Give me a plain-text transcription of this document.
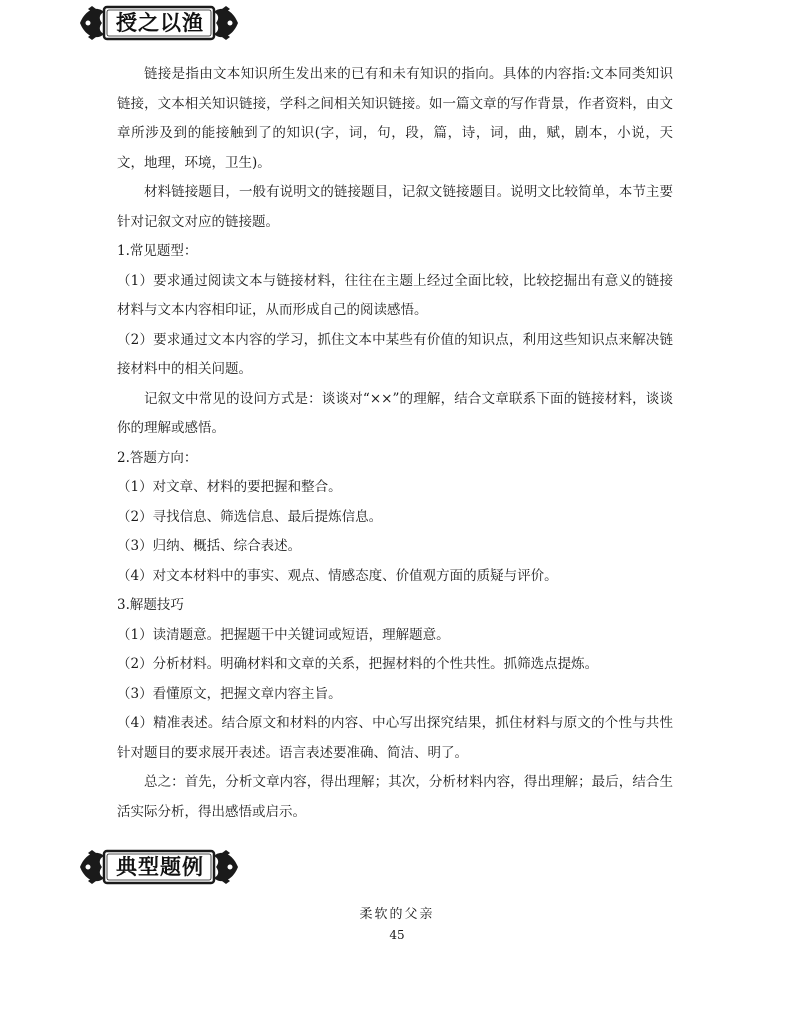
授之以渔

链接是指由文本知识所生发出来的已有和未有知识的指向。具体的内容指:文本同类知识链接，文本相关知识链接，学科之间相关知识链接。如一篇文章的写作背景，作者资料，由文章所涉及到的能接触到了的知识(字，词，句，段，篇，诗，词，曲，赋，剧本，小说，天文，地理，环境，卫生)。

材料链接题目，一般有说明文的链接题目，记叙文链接题目。说明文比较简单，本节主要针对记叙文对应的链接题。

1.常见题型：

（1）要求通过阅读文本与链接材料，往往在主题上经过全面比较，比较挖掘出有意义的链接材料与文本内容相印证，从而形成自己的阅读感悟。

（2）要求通过文本内容的学习，抓住文本中某些有价值的知识点，利用这些知识点来解决链接材料中的相关问题。

记叙文中常见的设问方式是：谈谈对“××”的理解，结合文章联系下面的链接材料，谈谈你的理解或感悟。

2.答题方向：

（1）对文章、材料的要把握和整合。

（2）寻找信息、筛选信息、最后提炼信息。

（3）归纳、概括、综合表述。

（4）对文本材料中的事实、观点、情感态度、价值观方面的质疑与评价。

3.解题技巧

（1）读清题意。把握题干中关键词或短语，理解题意。

（2）分析材料。明确材料和文章的关系，把握材料的个性共性。抓筛选点提炼。

（3）看懂原文，把握文章内容主旨。

（4）精准表述。结合原文和材料的内容、中心写出探究结果，抓住材料与原文的个性与共性针对题目的要求展开表述。语言表述要准确、简洁、明了。

总之：首先，分析文章内容，得出理解；其次，分析材料内容，得出理解；最后，结合生活实际分析，得出感悟或启示。

典型题例
柔软的父亲
45
